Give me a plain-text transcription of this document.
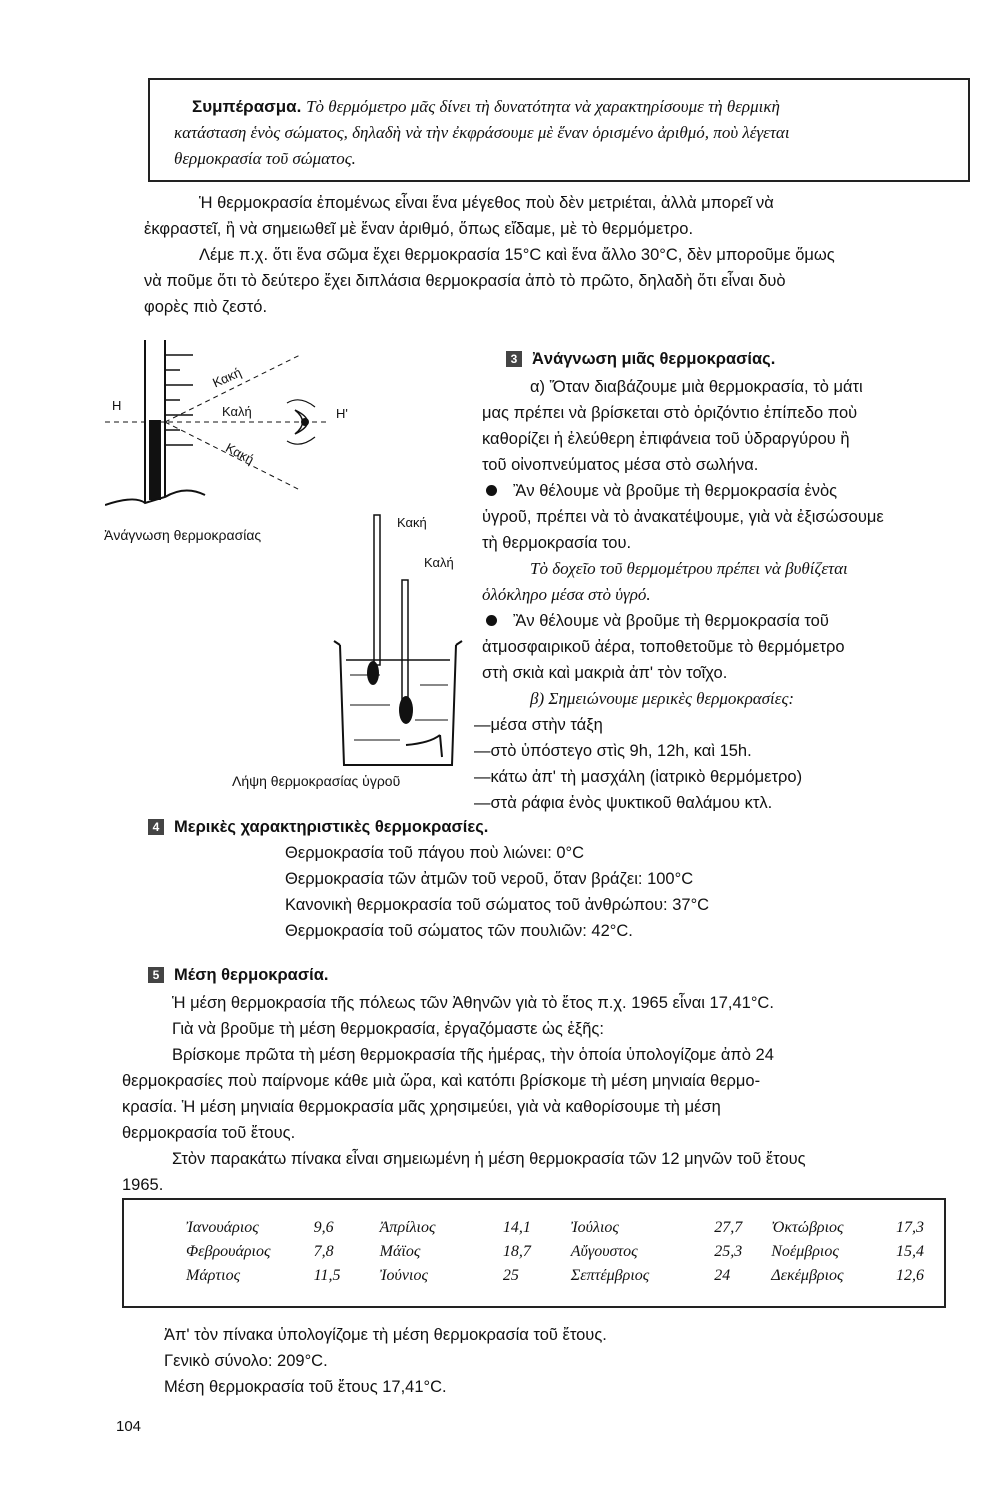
Συμπέρασμα. Τὸ θερμόμετρο μᾶς δίνει τὴ δυνατότητα νὰ χαρακτηρίσουμε τὴ θερμικὴ
κατάσταση ἑνὸς σώματος, δηλαδὴ νὰ τὴν ἐκφράσουμε μὲ ἕναν ὁρισμένο ἀριθμό, ποὺ λέγεται
θερμοκρασία τοῦ σώματος.
Ἡ θερμοκρασία ἐπομένως εἶναι ἕνα μέγεθος ποὺ δὲν μετριέται, ἀλλὰ μπορεῖ νὰ
ἐκφραστεῖ, ἢ νὰ σημειωθεῖ μὲ ἕναν ἀριθμό, ὅπως εἴδαμε, μὲ τὸ θερμόμετρο.
Λέμε π.χ. ὅτι ἕνα σῶμα ἔχει θερμοκρασία 15°C καὶ ἕνα ἄλλο 30°C, δὲν μποροῦμε ὅμως
νὰ ποῦμε ὅτι τὸ δεύτερο ἔχει διπλάσια θερμοκρασία ἀπὸ τὸ πρῶτο, δηλαδὴ ὅτι εἶναι δυὸ
φορὲς πιὸ ζεστό.
Η
Η'
Κακή
Καλή
Κακή
Ἀνάγνωση θερμοκρασίας
Κακή
Καλή
Λήψη θερμοκρασίας ὑγροῦ
3 Ἀνάγνωση μιᾶς θερμοκρασίας.
α) Ὅταν διαβάζουμε μιὰ θερμοκρασία, τὸ μάτι
μας πρέπει νὰ βρίσκεται στὸ ὁριζόντιο ἐπίπεδο ποὺ
καθορίζει ἡ ἐλεύθερη ἐπιφάνεια τοῦ ὑδραργύρου ἢ
τοῦ οἰνοπνεύματος μέσα στὸ σωλήνα.
Ἂν θέλουμε νὰ βροῦμε τὴ θερμοκρασία ἑνὸς
ὑγροῦ, πρέπει νὰ τὸ ἀνακατέψουμε, γιὰ νὰ ἐξισώσουμε
τὴ θερμοκρασία του.
Τὸ δοχεῖο τοῦ θερμομέτρου πρέπει νὰ βυθίζεται
ὁλόκληρο μέσα στὸ ὑγρό.
Ἂν θέλουμε νὰ βροῦμε τὴ θερμοκρασία τοῦ
ἀτμοσφαιρικοῦ ἀέρα, τοποθετοῦμε τὸ θερμόμετρο
στὴ σκιὰ καὶ μακριὰ ἀπ' τὸν τοῖχο.
β) Σημειώνουμε μερικὲς θερμοκρασίες:
—μέσα στὴν τάξη
—στὸ ὑπόστεγο στὶς 9h, 12h, καὶ 15h.
—κάτω ἀπ' τὴ μασχάλη (ἰατρικὸ θερμόμετρο)
—στὰ ράφια ἑνὸς ψυκτικοῦ θαλάμου κτλ.
4 Μερικὲς χαρακτηριστικὲς θερμοκρασίες.
Θερμοκρασία τοῦ πάγου ποὺ λιώνει: 0°C
Θερμοκρασία τῶν ἀτμῶν τοῦ νεροῦ, ὅταν βράζει: 100°C
Κανονικὴ θερμοκρασία τοῦ σώματος τοῦ ἀνθρώπου: 37°C
Θερμοκρασία τοῦ σώματος τῶν πουλιῶν: 42°C.
5 Μέση θερμοκρασία.
Ἡ μέση θερμοκρασία τῆς πόλεως τῶν Ἀθηνῶν γιὰ τὸ ἔτος π.χ. 1965 εἶναι 17,41°C.
Γιὰ νὰ βροῦμε τὴ μέση θερμοκρασία, ἐργαζόμαστε ὡς ἑξῆς:
Βρίσκομε πρῶτα τὴ μέση θερμοκρασία τῆς ἡμέρας, τὴν ὁποία ὑπολογίζομε ἀπὸ 24
θερμοκρασίες ποὺ παίρνομε κάθε μιὰ ὥρα, καὶ κατόπι βρίσκομε τὴ μέση μηνιαία θερμο-
κρασία. Ἡ μέση μηνιαία θερμοκρασία μᾶς χρησιμεύει, γιὰ νὰ καθορίσουμε τὴ μέση
θερμοκρασία τοῦ ἔτους.
Στὸν παρακάτω πίνακα εἶναι σημειωμένη ἡ μέση θερμοκρασία τῶν 12 μηνῶν τοῦ ἔτους
1965.
Ἰανουάριος	9,6	Ἀπρίλιος	14,1	Ἰούλιος	27,7	Ὀκτώβριος	17,3
Φεβρουάριος	7,8	Μάϊος	18,7	Αὔγουστος	25,3	Νοέμβριος	15,4
Μάρτιος	11,5	Ἰούνιος	25	Σεπτέμβριος	24	Δεκέμβριος	12,6
Ἀπ' τὸν πίνακα ὑπολογίζομε τὴ μέση θερμοκρασία τοῦ ἔτους.
Γενικὸ σύνολο: 209°C.
Μέση θερμοκρασία τοῦ ἔτους 17,41°C.
104
